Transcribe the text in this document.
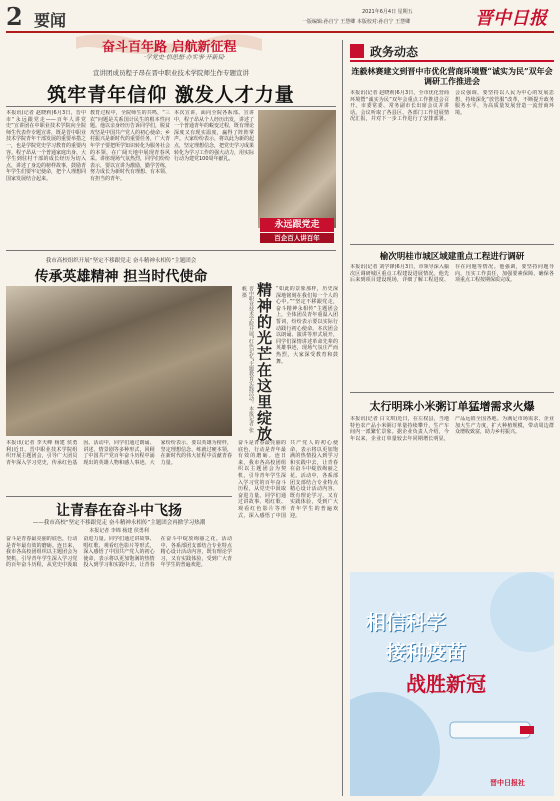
2 要闻	2021年6月4日 星期五
一版编辑:孙自宁 王慧卿 本版校对:孙自宁 王慧卿	晋中日报
奋斗百年路 启航新征程
·学党史·悟思想·办实事·开新局·
宣讲团成员程子昂在晋中职业技术学院师生作专题宣讲
筑牢青年信仰 激发人才力量
本报讯(记者 赵晓莉)6月3日，晋中市“永远跟党走——百年人讲党史”宣讲团在中职业技术学院向全院师生代表作专题宣讲，既是晋中职业技术学院青年干部发展的重要举措之一，也是学院党史学习教育的重要内容。程子昂从一个普通家庭出身、大学生到驻村干部的成长经历为切入点，讲述了身边的榜样故事，鼓励青年学生们要牢记使命，把个人理想同国家发展结合起来。
教育过程中，全院师生的共鸣，“三农”问题是关系国计民生的根本性问题。他以亲身经历告诉同学们，脱贫攻坚是中国共产党人的初心使命；乡村振兴是新时代的重要任务，广大青年学子要把所学知识转化为服务社会的本领，在广阔天地中展现青春风采。讲座现场气氛热烈，同学们纷纷表示，要以宣讲为激励，勤学苦练，努力成长为新时代有理想、有本领、有担当的青年。
本次宣讲，面向全院各系部。宣讲中，程子昂从个人经历出发，讲述了一个普通青年的蜕变过程，既有理论深度又有现实温度，赢得了阵阵掌声。大家纷纷表示，将以此为新的起点，坚定理想信念，把党史学习成果转化为学习工作的强大动力，用实际行动为建党100周年献礼。
永远跟党走
百企百人讲百年
我市高校组织开展“坚定不移跟党走 奋斗精神永相传”主题团会
传承英雄精神 担当时代使命
晋中职业技术学院开展“红色记忆”主题教育实践活动。本报记者 张帆 摄 精神的光芒在这里绽放 “如此的景象那样，历史深深地铭刻在我们每一个人的心中。”“坚定不移跟党走，奋斗精神永相传”主题团会上，全体团员青年重温入团誓词，纷纷表示要以实际行动践行初心使命。本次团会以朗诵、演讲等形式展开，同学们深情讲述革命先辈的英雄事迹，现场气氛庄严而热烈，大家深受教育和鼓舞。
本报讯(记者 李天峰 杨建 侯勇利)近日，晋中职业技术学院组织开展主题团会，引导广大团员青年深入学习党史，传承红色基因。活动中，同学们通过朗诵、讲述、情景剧等多种形式，回顾了中国共产党百年奋斗历程中涌现出的英雄人物和感人事迹。大家纷纷表示，要以英雄为榜样，坚定理想信念，练就过硬本领，在新时代的伟大征程中贡献青春力量。
让青春在奋斗中飞扬
——我市高校“坚定不移跟党走 奋斗精神永相传”主题团会再掀学习热潮
本报记者 李锦 杨建 侯勇利
奋斗是青春最亮丽的底色，行动是青年最有效的磨砺。连日来，我市各高校团组织以主题团会为契机，引导青年学生深入学习党的百年奋斗历程，从党史中汲取奋进力量。同学们通过讲故事、唱红歌、观看红色影片等形式，深入感悟了中国共产党人的初心使命，表示将以更加饱满的热情投入到学习和实践中去，让青春在奋斗中绽放绚丽之花。活动中，各系部团支部结合专业特点精心设计活动内容，既有理论学习，又有实践体验，受到广大青年学生的普遍欢迎。
奋斗是青春最亮丽的底色，行动是青年最有效的磨砺。连日来，我市各高校团组织以主题团会为契机，引导青年学生深入学习党的百年奋斗历程，从党史中汲取奋进力量。同学们通过讲故事、唱红歌、观看红色影片等形式，深入感悟了中国共产党人的初心使命，表示将以更加饱满的热情投入到学习和实践中去，让青春在奋斗中绽放绚丽之花。活动中，各系部团支部结合专业特点精心设计活动内容，既有理论学习，又有实践体验，受到广大青年学生的普遍欢迎。
政务动态
连毅林赛建文到晋中市优化营商环境暨“诚实为民”双年会调研工作推进会
本报讯(记者 赵晓莉)6月3日，全市优化营商环境暨“诚实为民”双年会重点工作推进会召开。市委常委、常务副市长出席会议并讲话。会议听取了各县区、各部门工作进展情况汇报，并对下一步工作进行了安排部署。会议强调，要坚持以人民为中心的发展思想，持续深化“放管服”改革，不断提升政务服务水平，为高质量发展营造一流营商环境。
榆次明桂市城区域建重点工程进行调研
本报讯(记者 刘学锋)6月3日，市领导深入榆次区调研城区重点工程建设进展情况。他先后来到项目建设现场，详细了解工程进度、存在问题等情况。他强调，要坚持问题导向，压实工作责任，加强要素保障，确保各项重点工程按期保质完成。
太行明珠小米粥订单猛增需求火爆
本报讯(记者 白文琪)近日，在左权县，当地特色农产品小米粥订单量持续攀升，生产车间内一派繁忙景象。据企业负责人介绍，今年以来，企业订单量较去年同期增长明显，产品远销全国各地。为满足市场需求，企业加大生产力度，扩大种植规模，带动周边群众增收致富，助力乡村振兴。
相信科学
接种疫苗
战胜新冠
晋中日报社
